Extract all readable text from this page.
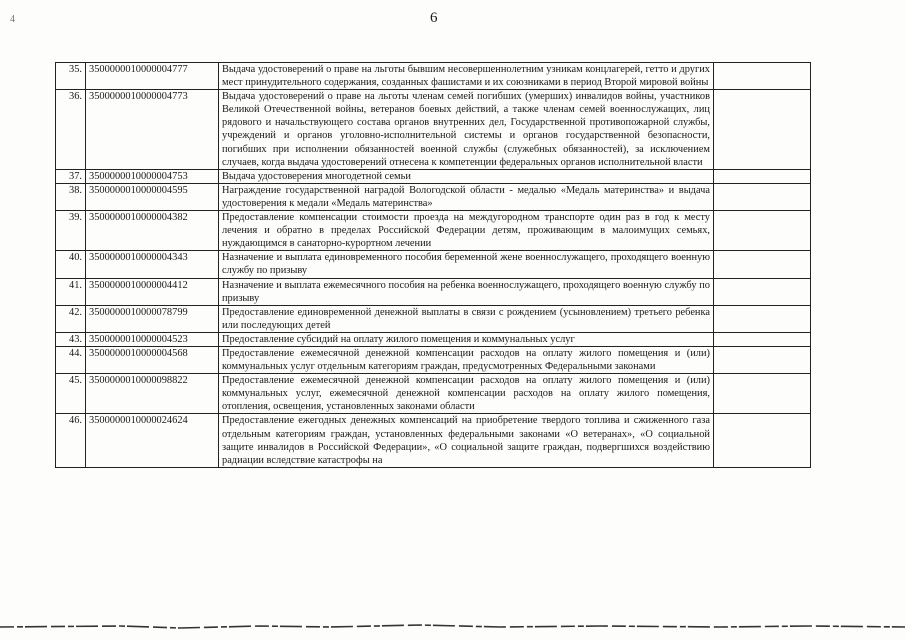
4	6
35.	3500000010000004777	Выдача удостоверений о праве на льготы бывшим несовершеннолетним узникам концлагерей, гетто и других мест принудительного содержания, созданных фашистами и их союзниками в период Второй мировой войны	
36.	3500000010000004773	Выдача удостоверений о праве на льготы членам семей погибших (умерших) инвалидов войны, участников Великой Отечественной войны, ветеранов боевых действий, а также членам семей военнослужащих, лиц рядового и начальствующего состава органов внутренних дел, Государственной противопожарной службы, учреждений и органов уголовно-исполнительной системы и органов государственной безопасности, погибших при исполнении обязанностей военной службы (служебных обязанностей), за исключением случаев, когда выдача удостоверений отнесена к компетенции федеральных органов исполнительной власти	
37.	3500000010000004753	Выдача удостоверения многодетной семьи	
38.	3500000010000004595	Награждение государственной наградой Вологодской области - медалью «Медаль материнства» и выдача удостоверения к медали «Медаль материнства»	
39.	3500000010000004382	Предоставление компенсации стоимости проезда на междугородном транспорте один раз в год к месту лечения и обратно в пределах Российской Федерации детям, проживающим в малоимущих семьях, нуждающимся в санаторно-курортном лечении	
40.	3500000010000004343	Назначение и выплата единовременного пособия беременной жене военнослужащего, проходящего военную службу по призыву	
41.	3500000010000004412	Назначение и выплата ежемесячного пособия на ребенка военнослужащего, проходящего военную службу по призыву	
42.	3500000010000078799	Предоставление единовременной денежной выплаты в связи с рождением (усыновлением) третьего ребенка или последующих детей	
43.	3500000010000004523	Предоставление субсидий на оплату жилого помещения и коммунальных услуг	
44.	3500000010000004568	Предоставление ежемесячной денежной компенсации расходов на оплату жилого помещения и (или) коммунальных услуг отдельным категориям граждан, предусмотренных Федеральными законами	
45.	3500000010000098822	Предоставление ежемесячной денежной компенсации расходов на оплату жилого помещения и (или) коммунальных услуг, ежемесячной денежной компенсации расходов на оплату жилого помещения, отопления, освещения, установленных законами области	
46.	3500000010000024624	Предоставление ежегодных денежных компенсаций на приобретение твердого топлива и сжиженного газа отдельным категориям граждан, установленных федеральными законами «О ветеранах», «О социальной защите инвалидов в Российской Федерации», «О социальной защите граждан, подвергшихся воздействию радиации вследствие катастрофы на	
